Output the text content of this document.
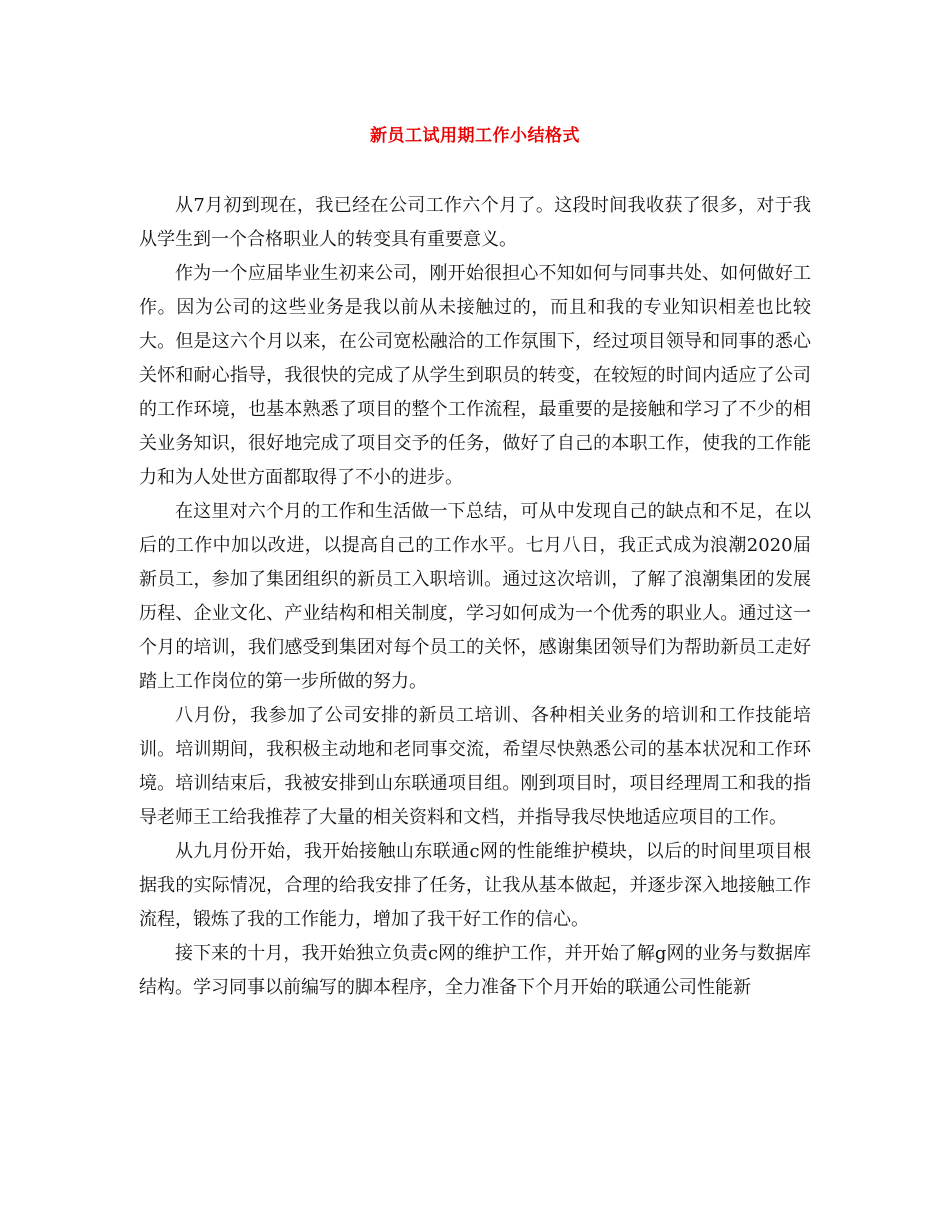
新员工试用期工作小结格式

从7月初到现在，我已经在公司工作六个月了。这段时间我收获了很多，对于我从学生到一个合格职业人的转变具有重要意义。

作为一个应届毕业生初来公司，刚开始很担心不知如何与同事共处、如何做好工作。因为公司的这些业务是我以前从未接触过的，而且和我的专业知识相差也比较大。但是这六个月以来，在公司宽松融洽的工作氛围下，经过项目领导和同事的悉心关怀和耐心指导，我很快的完成了从学生到职员的转变，在较短的时间内适应了公司的工作环境，也基本熟悉了项目的整个工作流程，最重要的是接触和学习了不少的相关业务知识，很好地完成了项目交予的任务，做好了自己的本职工作，使我的工作能力和为人处世方面都取得了不小的进步。

在这里对六个月的工作和生活做一下总结，可从中发现自己的缺点和不足，在以后的工作中加以改进，以提高自己的工作水平。七月八日，我正式成为浪潮2020届新员工，参加了集团组织的新员工入职培训。通过这次培训，了解了浪潮集团的发展历程、企业文化、产业结构和相关制度，学习如何成为一个优秀的职业人。通过这一个月的培训，我们感受到集团对每个员工的关怀，感谢集团领导们为帮助新员工走好踏上工作岗位的第一步所做的努力。

八月份，我参加了公司安排的新员工培训、各种相关业务的培训和工作技能培训。培训期间，我积极主动地和老同事交流，希望尽快熟悉公司的基本状况和工作环境。培训结束后，我被安排到山东联通项目组。刚到项目时，项目经理周工和我的指导老师王工给我推荐了大量的相关资料和文档，并指导我尽快地适应项目的工作。

从九月份开始，我开始接触山东联通c网的性能维护模块，以后的时间里项目根据我的实际情况，合理的给我安排了任务，让我从基本做起，并逐步深入地接触工作流程，锻炼了我的工作能力，增加了我干好工作的信心。

接下来的十月，我开始独立负责c网的维护工作，并开始了解g网的业务与数据库结构。学习同事以前编写的脚本程序，全力准备下个月开始的联通公司性能新
